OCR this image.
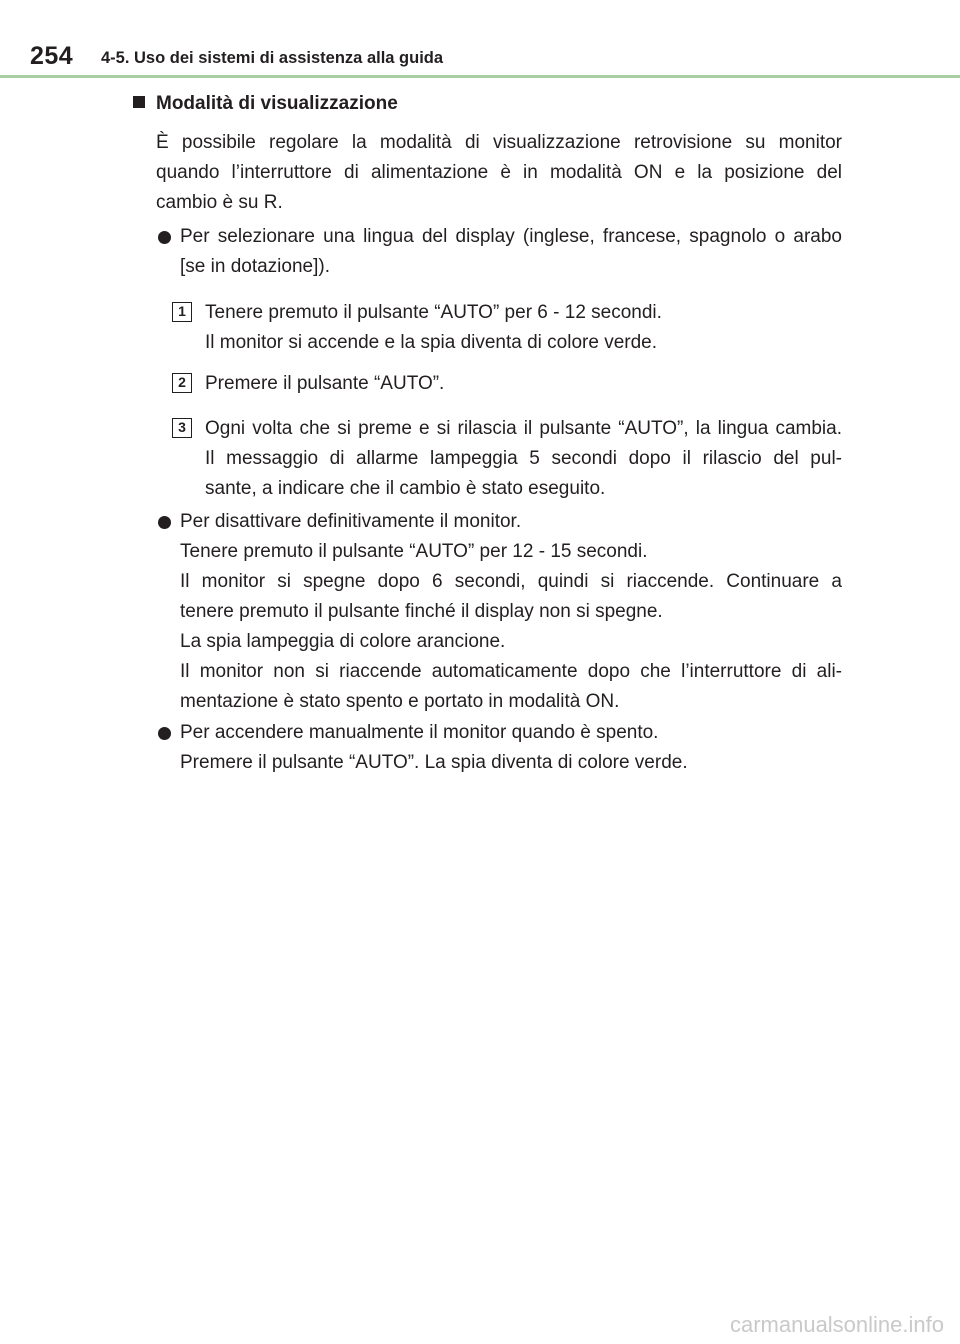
254 4-5. Uso dei sistemi di assistenza alla guida
Modalità di visualizzazione
È possibile regolare la modalità di visualizzazione retrovisione su monitor
quando l’interruttore di alimentazione è in modalità ON e la posizione del
cambio è su R.
Per selezionare una lingua del display (inglese, francese, spagnolo o arabo
[se in dotazione]).
1	Tenere premuto il pulsante “AUTO” per 6 - 12 secondi.
Il monitor si accende e la spia diventa di colore verde.
2	Premere il pulsante “AUTO”.
3	Ogni volta che si preme e si rilascia il pulsante “AUTO”, la lingua cambia.
Il messaggio di allarme lampeggia 5 secondi dopo il rilascio del pul-
sante, a indicare che il cambio è stato eseguito.
Per disattivare definitivamente il monitor.
Tenere premuto il pulsante “AUTO” per 12 - 15 secondi.
Il monitor si spegne dopo 6 secondi, quindi si riaccende. Continuare a
tenere premuto il pulsante finché il display non si spegne.
La spia lampeggia di colore arancione.
Il monitor non si riaccende automaticamente dopo che l’interruttore di ali-
mentazione è stato spento e portato in modalità ON.
Per accendere manualmente il monitor quando è spento.
Premere il pulsante “AUTO”. La spia diventa di colore verde.
carmanualsonline.info
